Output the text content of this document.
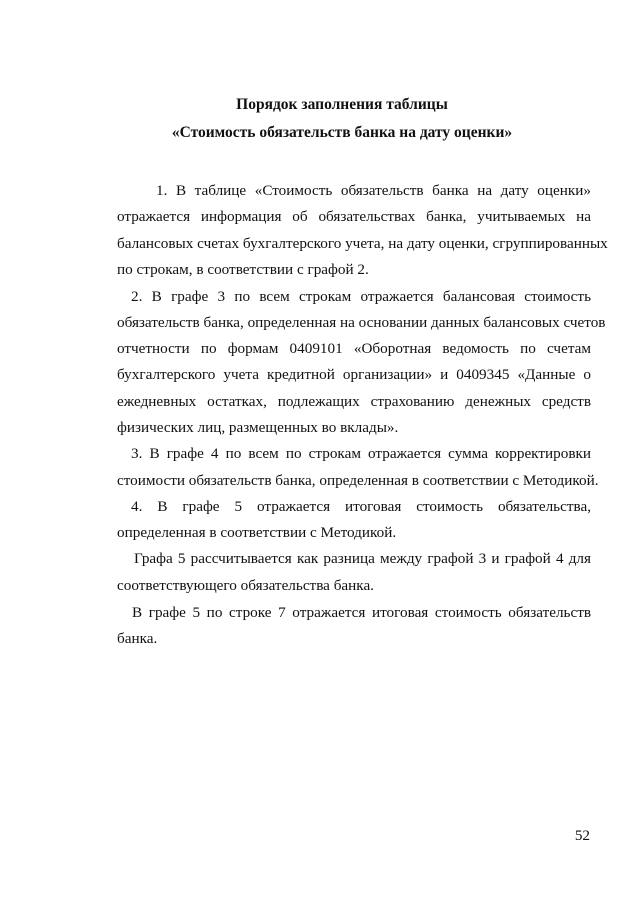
Порядок заполнения таблицы
«Стоимость обязательств банка на дату оценки»
1. В таблице «Стоимость обязательств банка на дату оценки»
отражается информация об обязательствах банка, учитываемых на
балансовых счетах бухгалтерского учета, на дату оценки, сгруппированных
по строкам, в соответствии с графой 2.
2. В графе 3 по всем строкам отражается балансовая стоимость
обязательств банка, определенная на основании данных балансовых счетов
отчетности по формам 0409101 «Оборотная ведомость по счетам
бухгалтерского учета кредитной организации» и 0409345 «Данные о
ежедневных остатках, подлежащих страхованию денежных средств
физических лиц, размещенных во вклады».
3. В графе 4 по всем по строкам отражается сумма корректировки
стоимости обязательств банка, определенная в соответствии с Методикой.
4. В графе 5 отражается итоговая стоимость обязательства,
определенная в соответствии с Методикой.
Графа 5 рассчитывается как разница между графой 3 и графой 4 для
соответствующего обязательства банка.
В графе 5 по строке 7 отражается итоговая стоимость обязательств
банка.
52
